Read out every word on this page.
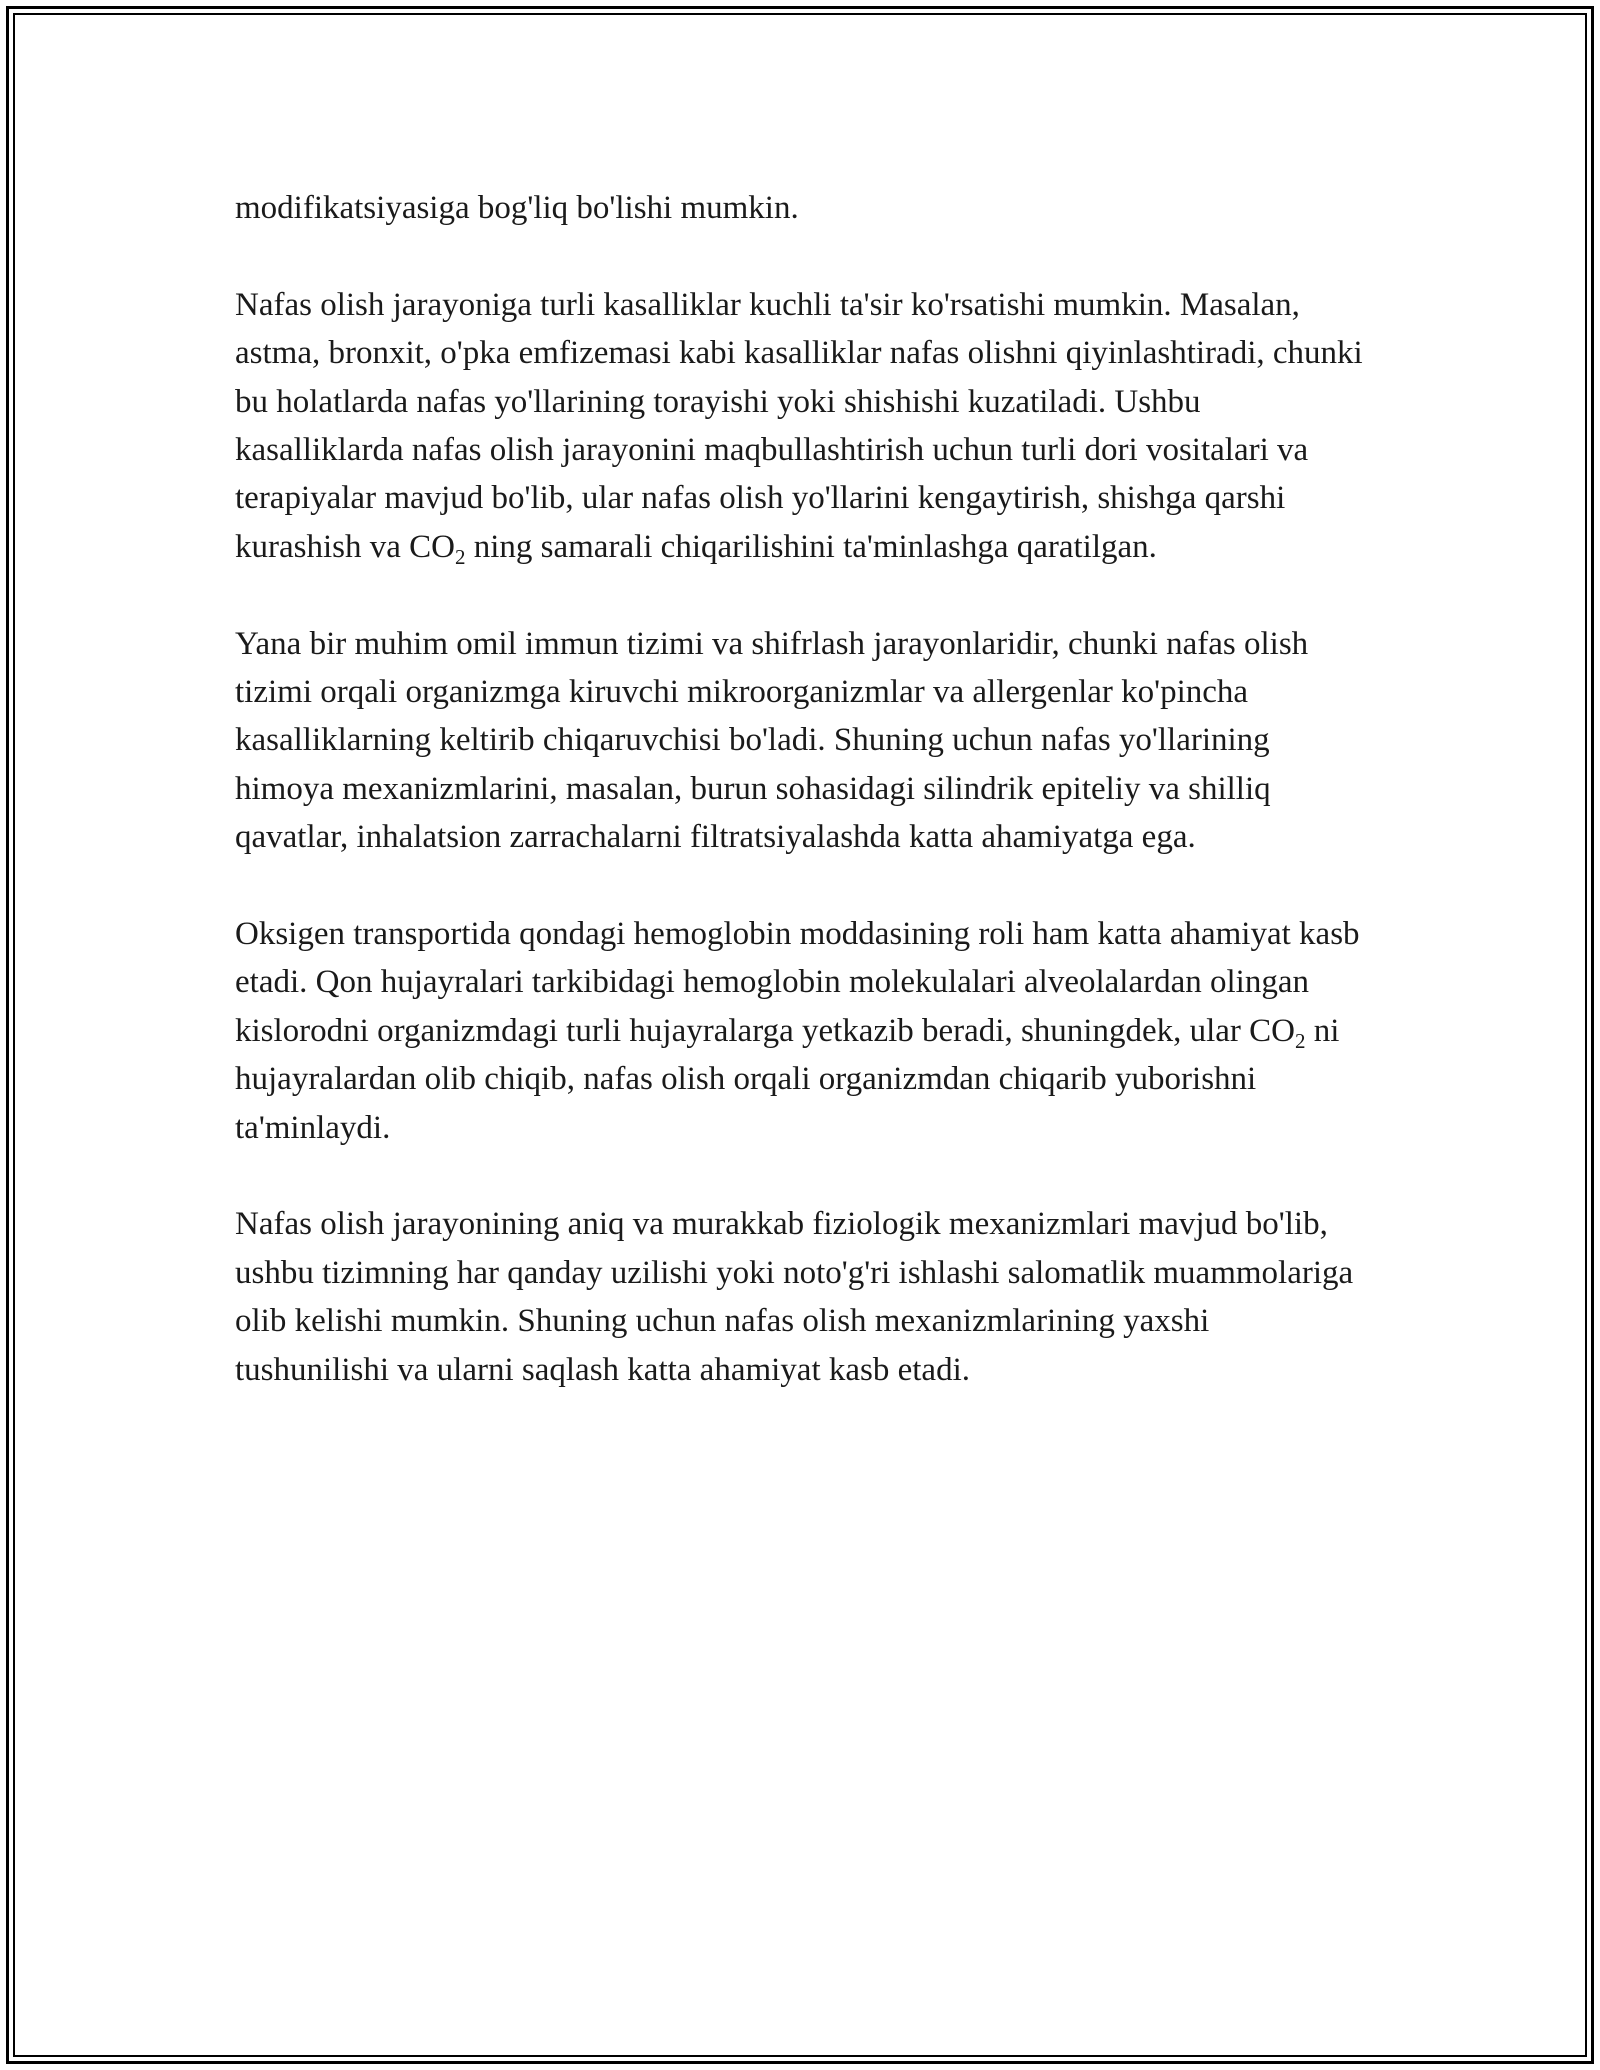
modifikatsiyasiga bog'liq bo'lishi mumkin.

Nafas olish jarayoniga turli kasalliklar kuchli ta'sir ko'rsatishi mumkin. Masalan, astma, bronxit, o'pka emfizemasi kabi kasalliklar nafas olishni qiyinlashtiradi, chunki bu holatlarda nafas yo'llarining torayishi yoki shishishi kuzatiladi. Ushbu kasalliklarda nafas olish jarayonini maqbullashtirish uchun turli dori vositalari va terapiyalar mavjud bo'lib, ular nafas olish yo'llarini kengaytirish, shishga qarshi kurashish va $CO_2$ ning samarali chiqarilishini ta'minlashga qaratilgan.

Yana bir muhim omil immun tizimi va shifrlash jarayonlaridir, chunki nafas olish tizimi orqali organizmga kiruvchi mikroorganizmlar va allergenlar ko'pincha kasalliklarning keltirib chiqaruvchisi bo'ladi. Shuning uchun nafas yo'llarining himoya mexanizmlarini, masalan, burun sohasidagi silindrik epiteliy va shilliq qavatlar, inhalatsion zarrachalarni filtratsiyalashda katta ahamiyatga ega.

Oksigen transportida qondagi hemoglobin moddasining roli ham katta ahamiyat kasb etadi. Qon hujayralari tarkibidagi hemoglobin molekulalari alveolalardan olingan kislorodni organizmdagi turli hujayralarga yetkazib beradi, shuningdek, ular $CO_2$ ni hujayralardan olib chiqib, nafas olish orqali organizmdan chiqarib yuborishni ta'minlaydi.

Nafas olish jarayonining aniq va murakkab fiziologik mexanizmlari mavjud bo'lib, ushbu tizimning har qanday uzilishi yoki noto'g'ri ishlashi salomatlik muammolariga olib kelishi mumkin. Shuning uchun nafas olish mexanizmlarining yaxshi tushunilishi va ularni saqlash katta ahamiyat kasb etadi.
